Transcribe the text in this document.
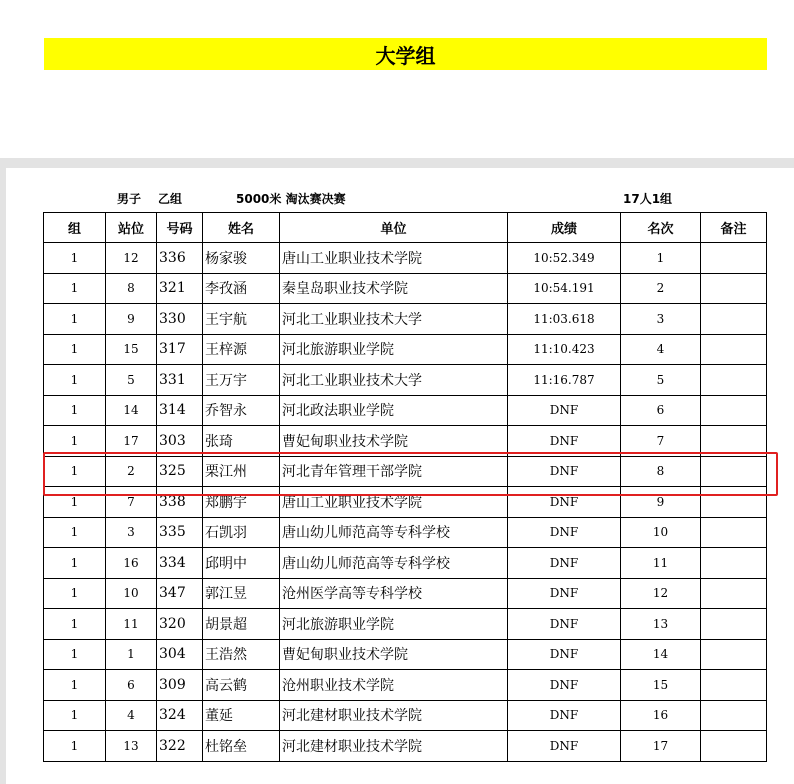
大学组
男子 乙组	5000米 淘汰赛决赛	17人1组
组	站位	号码	姓名	单位	成绩	名次	备注
1	12	336	杨家骏	唐山工业职业技术学院	10:52.349	1	
1	8	321	李孜涵	秦皇岛职业技术学院	10:54.191	2	
1	9	330	王宇航	河北工业职业技术大学	11:03.618	3	
1	15	317	王梓源	河北旅游职业学院	11:10.423	4	
1	5	331	王万宇	河北工业职业技术大学	11:16.787	5	
1	14	314	乔智永	河北政法职业学院	DNF	6	
1	17	303	张琦	曹妃甸职业技术学院	DNF	7	
1	2	325	栗江州	河北青年管理干部学院	DNF	8	
1	7	338	郑鹏宇	唐山工业职业技术学院	DNF	9	
1	3	335	石凯羽	唐山幼儿师范高等专科学校	DNF	10	
1	16	334	邱明中	唐山幼儿师范高等专科学校	DNF	11	
1	10	347	郭江昱	沧州医学高等专科学校	DNF	12	
1	11	320	胡景超	河北旅游职业学院	DNF	13	
1	1	304	王浩然	曹妃甸职业技术学院	DNF	14	
1	6	309	高云鹤	沧州职业技术学院	DNF	15	
1	4	324	董延	河北建材职业技术学院	DNF	16	
1	13	322	杜铭垒	河北建材职业技术学院	DNF	17	
